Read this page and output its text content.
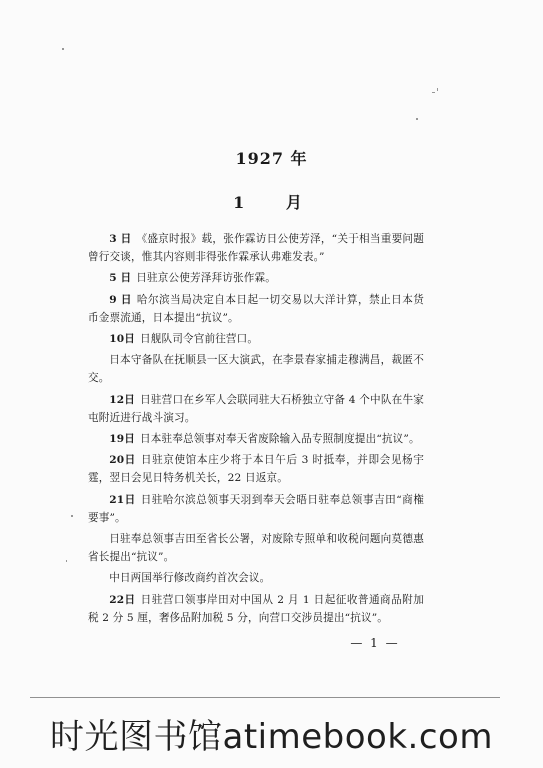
1927 年
1 月

3 日 《盛京时报》载，张作霖访日公使芳泽，“关于相当重要问题曾行交谈，惟其内容则非得张作霖承认弗难发表。”

5 日 日驻京公使芳泽拜访张作霖。

9 日 哈尔滨当局决定自本日起一切交易以大洋计算，禁止日本货币金票流通，日本提出“抗议”。

10日 日舰队司令官前往营口。

日本守备队在抚顺县一区大演武，在李景春家捕走穆满昌，裁匿不交。

12日 日驻营口在乡军人会联同驻大石桥独立守备 4 个中队在牛家屯附近进行战斗演习。

19日 日本驻奉总领事对奉天省废除输入品专照制度提出“抗议”。

20日 日驻京使馆本庄少将于本日午后 3 时抵奉，并即会见杨宇霆，翌日会见日特务机关长，22 日返京。

21日 日驻哈尔滨总领事天羽到奉天会晤日驻奉总领事吉田“商権要事”。

日驻奉总领事吉田至省长公署，对废除专照单和收税问题向莫德惠省长提出“抗议”。

中日两国举行修改商约首次会议。

22日 日驻营口领事岸田对中国从 2 月 1 日起征收普通商品附加税 2 分 5 厘，奢侈品附加税 5 分，向营口交涉员提出“抗议”。

— 1 —
时光图书馆atimebook.com
